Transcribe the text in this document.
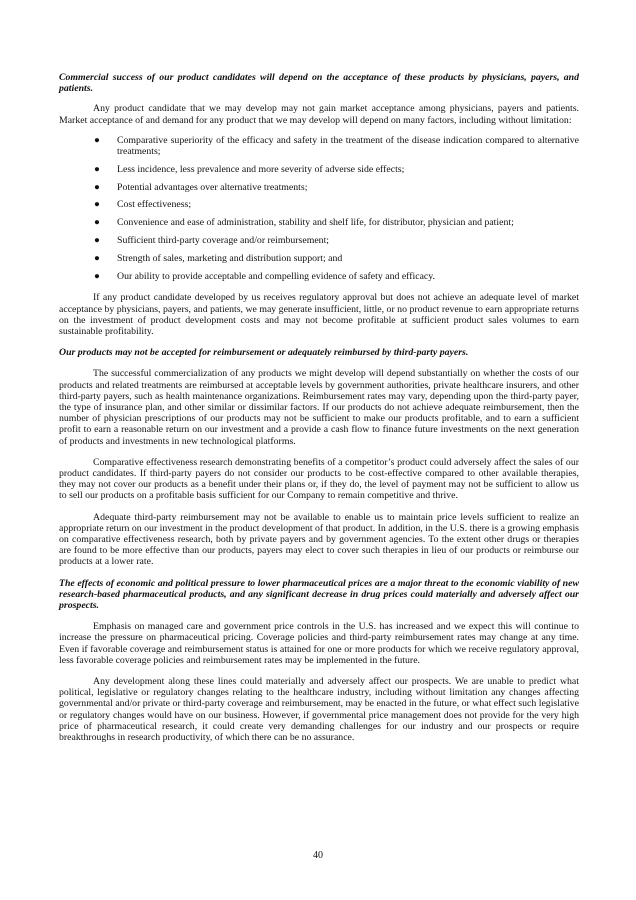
Commercial success of our product candidates will depend on the acceptance of these products by physicians, payers, and patients.

Any product candidate that we may develop may not gain market acceptance among physicians, payers and patients. Market acceptance of and demand for any product that we may develop will depend on many factors, including without limitation:

● Comparative superiority of the efficacy and safety in the treatment of the disease indication compared to alternative treatments;
● Less incidence, less prevalence and more severity of adverse side effects;
● Potential advantages over alternative treatments;
● Cost effectiveness;
● Convenience and ease of administration, stability and shelf life, for distributor, physician and patient;
● Sufficient third-party coverage and/or reimbursement;
● Strength of sales, marketing and distribution support; and
● Our ability to provide acceptable and compelling evidence of safety and efficacy.

If any product candidate developed by us receives regulatory approval but does not achieve an adequate level of market acceptance by physicians, payers, and patients, we may generate insufficient, little, or no product revenue to earn appropriate returns on the investment of product development costs and may not become profitable at sufficient product sales volumes to earn sustainable profitability.

Our products may not be accepted for reimbursement or adequately reimbursed by third-party payers.

The successful commercialization of any products we might develop will depend substantially on whether the costs of our products and related treatments are reimbursed at acceptable levels by government authorities, private healthcare insurers, and other third-party payers, such as health maintenance organizations. Reimbursement rates may vary, depending upon the third-party payer, the type of insurance plan, and other similar or dissimilar factors. If our products do not achieve adequate reimbursement, then the number of physician prescriptions of our products may not be sufficient to make our products profitable, and to earn a sufficient profit to earn a reasonable return on our investment and a provide a cash flow to finance future investments on the next generation of products and investments in new technological platforms.

Comparative effectiveness research demonstrating benefits of a competitor’s product could adversely affect the sales of our product candidates. If third-party payers do not consider our products to be cost-effective compared to other available therapies, they may not cover our products as a benefit under their plans or, if they do, the level of payment may not be sufficient to allow us to sell our products on a profitable basis sufficient for our Company to remain competitive and thrive.

Adequate third-party reimbursement may not be available to enable us to maintain price levels sufficient to realize an appropriate return on our investment in the product development of that product. In addition, in the U.S. there is a growing emphasis on comparative effectiveness research, both by private payers and by government agencies. To the extent other drugs or therapies are found to be more effective than our products, payers may elect to cover such therapies in lieu of our products or reimburse our products at a lower rate.

The effects of economic and political pressure to lower pharmaceutical prices are a major threat to the economic viability of new research-based pharmaceutical products, and any significant decrease in drug prices could materially and adversely affect our prospects.

Emphasis on managed care and government price controls in the U.S. has increased and we expect this will continue to increase the pressure on pharmaceutical pricing. Coverage policies and third-party reimbursement rates may change at any time. Even if favorable coverage and reimbursement status is attained for one or more products for which we receive regulatory approval, less favorable coverage policies and reimbursement rates may be implemented in the future.

Any development along these lines could materially and adversely affect our prospects. We are unable to predict what political, legislative or regulatory changes relating to the healthcare industry, including without limitation any changes affecting governmental and/or private or third-party coverage and reimbursement, may be enacted in the future, or what effect such legislative or regulatory changes would have on our business. However, if governmental price management does not provide for the very high price of pharmaceutical research, it could create very demanding challenges for our industry and our prospects or require breakthroughs in research productivity, of which there can be no assurance.

40
